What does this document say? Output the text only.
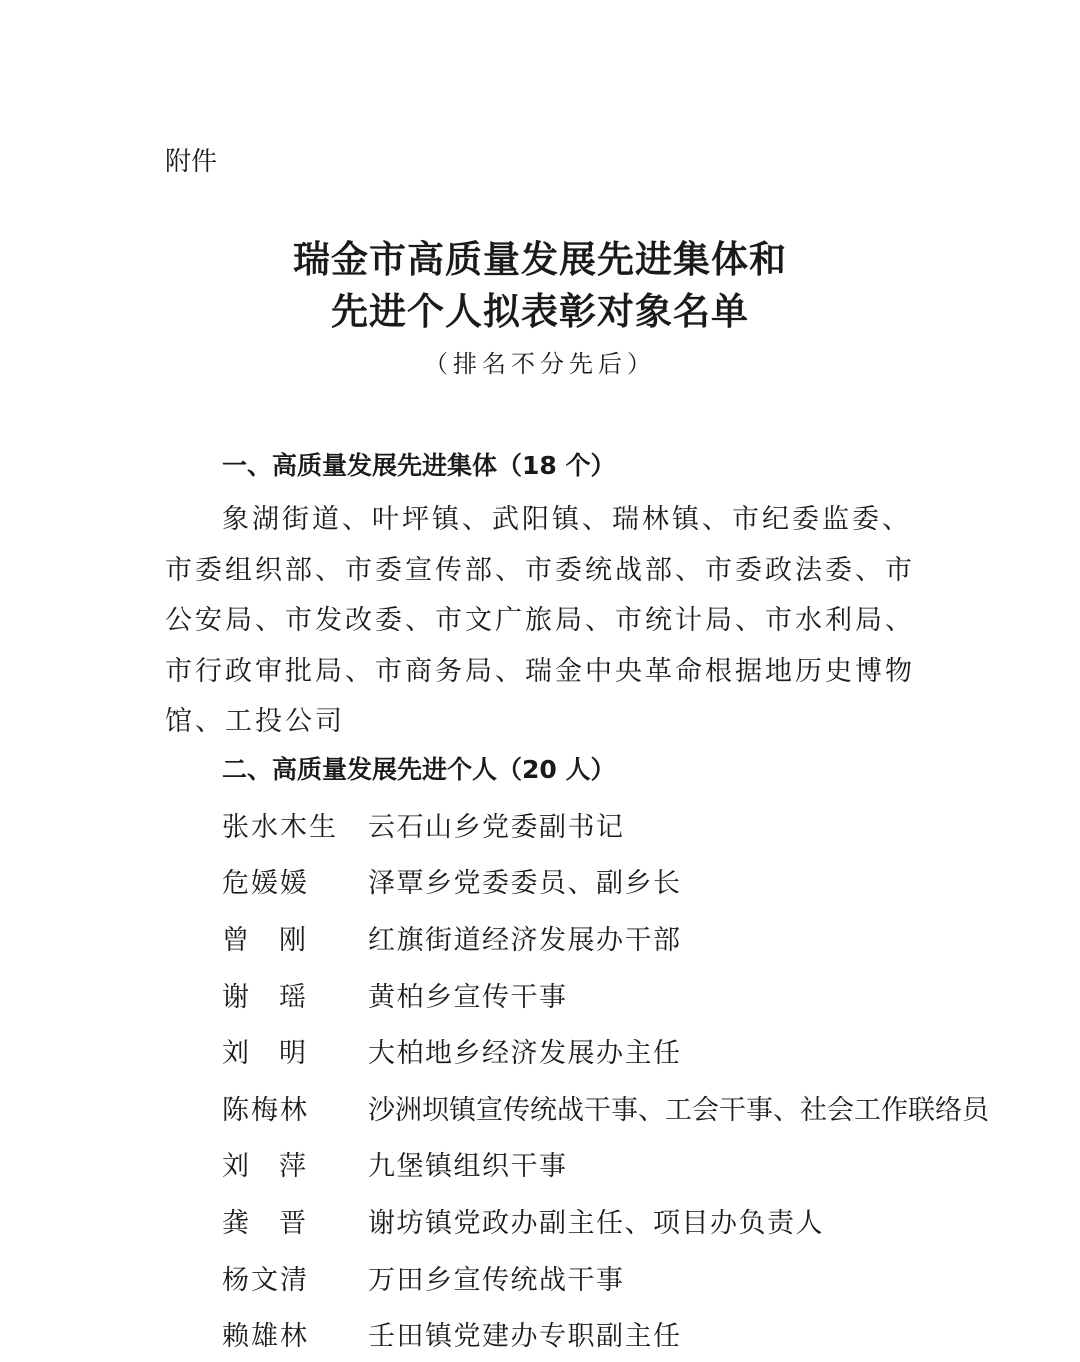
附件
瑞金市高质量发展先进集体和
先进个人拟表彰对象名单
（排名不分先后）
一、高质量发展先进集体（18 个）
象湖街道、叶坪镇、武阳镇、瑞林镇、市纪委监委、市委组织部、市委宣传部、市委统战部、市委政法委、市公安局、市发改委、市文广旅局、市统计局、市水利局、市行政审批局、市商务局、瑞金中央革命根据地历史博物馆、工投公司
二、高质量发展先进个人（20 人）
张水木生	云石山乡党委副书记
危媛媛	泽覃乡党委委员、副乡长
曾刚	红旗街道经济发展办干部
谢瑶	黄柏乡宣传干事
刘明	大柏地乡经济发展办主任
陈梅林	沙洲坝镇宣传统战干事、工会干事、社会工作联络员
刘萍	九堡镇组织干事
龚晋	谢坊镇党政办副主任、项目办负责人
杨文清	万田乡宣传统战干事
赖雄林	壬田镇党建办专职副主任
